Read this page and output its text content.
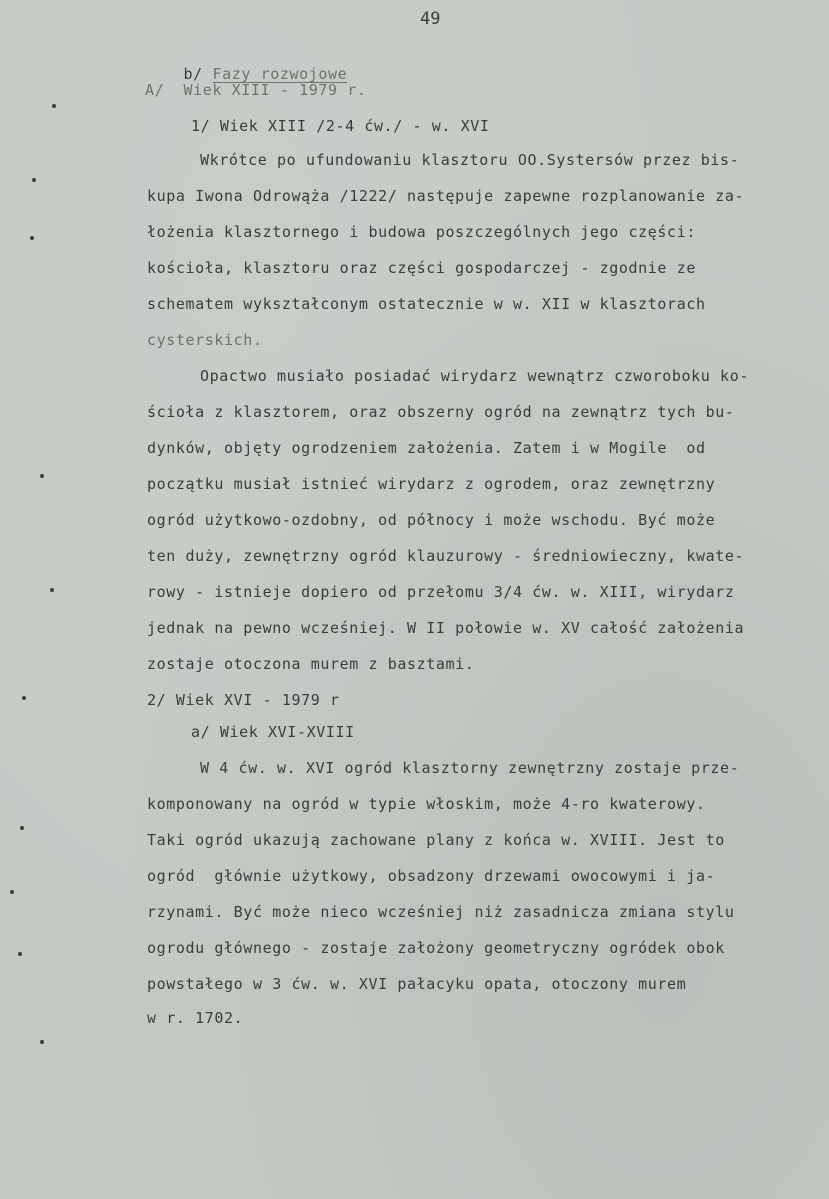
49

b/ Fazy rozwojowe

A/  Wiek XIII - 1979 r.
1/ Wiek XIII /2-4 ćw./ - w. XVI
Wkrótce po ufundowaniu klasztoru OO.Systersów przez bis-
kupa Iwona Odrowąża /1222/ następuje zapewne rozplanowanie za-
łożenia klasztornego i budowa poszczególnych jego części:
kościoła, klasztoru oraz części gospodarczej - zgodnie ze
schematem wykształconym ostatecznie w w. XII w klasztorach
cysterskich.
Opactwo musiało posiadać wirydarz wewnątrz czworoboku ko-
ścioła z klasztorem, oraz obszerny ogród na zewnątrz tych bu-
dynków, objęty ogrodzeniem założenia. Zatem i w Mogile  od
początku musiał istnieć wirydarz z ogrodem, oraz zewnętrzny
ogród użytkowo-ozdobny, od północy i może wschodu. Być może
ten duży, zewnętrzny ogród klauzurowy - średniowieczny, kwate-
rowy - istnieje dopiero od przełomu 3/4 ćw. w. XIII, wirydarz
jednak na pewno wcześniej. W II połowie w. XV całość założenia
zostaje otoczona murem z basztami.
2/ Wiek XVI - 1979 r
a/ Wiek XVI-XVIII
W 4 ćw. w. XVI ogród klasztorny zewnętrzny zostaje prze-
komponowany na ogród w typie włoskim, może 4-ro kwaterowy.
Taki ogród ukazują zachowane plany z końca w. XVIII. Jest to
ogród  głównie użytkowy, obsadzony drzewami owocowymi i ja-
rzynami. Być może nieco wcześniej niż zasadnicza zmiana stylu
ogrodu głównego - zostaje założony geometryczny ogródek obok
powstałego w 3 ćw. w. XVI pałacyku opata, otoczony murem
w r. 1702.
